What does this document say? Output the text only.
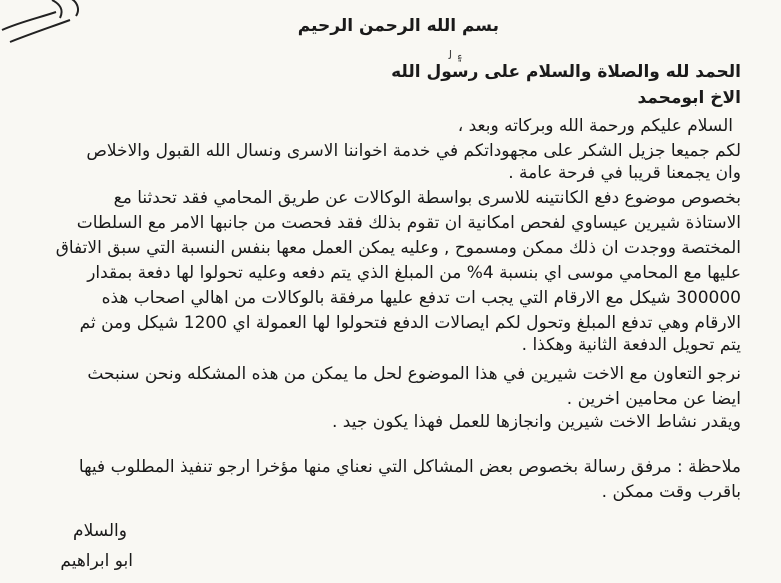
بسم الله الرحمن الرحيم
۽ ﻟ
الحمد لله والصلاة والسلام على رسول الله
الاخ ابومحمد
السلام عليكم ورحمة الله وبركاته وبعد ،
لكم جميعا جزيل الشكر على مجهوداتكم في خدمة اخواننا الاسرى ونسال الله القبول والاخلاص
وان يجمعنا قريبا في فرحة عامة .
بخصوص موضوع دفع الكانتينه للاسرى بواسطة الوكالات عن طريق المحامي فقد تحدثنا مع
الاستاذة شيرين عيساوي لفحص امكانية ان تقوم بذلك فقد فحصت من جانبها الامر مع السلطات
المختصة ووجدت ان ذلك ممكن ومسموح , وعليه يمكن العمل معها بنفس النسبة التي سبق الاتفاق
عليها مع المحامي موسى اي بنسبة 4% من المبلغ الذي يتم دفعه وعليه تحولوا لها دفعة بمقدار
300000 شيكل مع الارقام التي يجب ات تدفع عليها مرفقة بالوكالات من اهالي اصحاب هذه
الارقام وهي تدفع المبلغ وتحول لكم ايصالات الدفع فتحولوا لها العمولة اي 1200 شيكل ومن ثم
يتم تحويل الدفعة الثانية وهكذا .
نرجو التعاون مع الاخت شيرين في هذا الموضوع لحل ما يمكن من هذه المشكله ونحن سنبحث
ايضا عن محامين اخرين .
ويقدر نشاط الاخت شيرين وانجازها للعمل فهذا يكون جيد .
ملاحظة : مرفق رسالة بخصوص بعض المشاكل التي نعناي منها مؤخرا ارجو تنفيذ المطلوب فيها
باقرب وقت ممكن .
والسلام
ابو ابراهيم
